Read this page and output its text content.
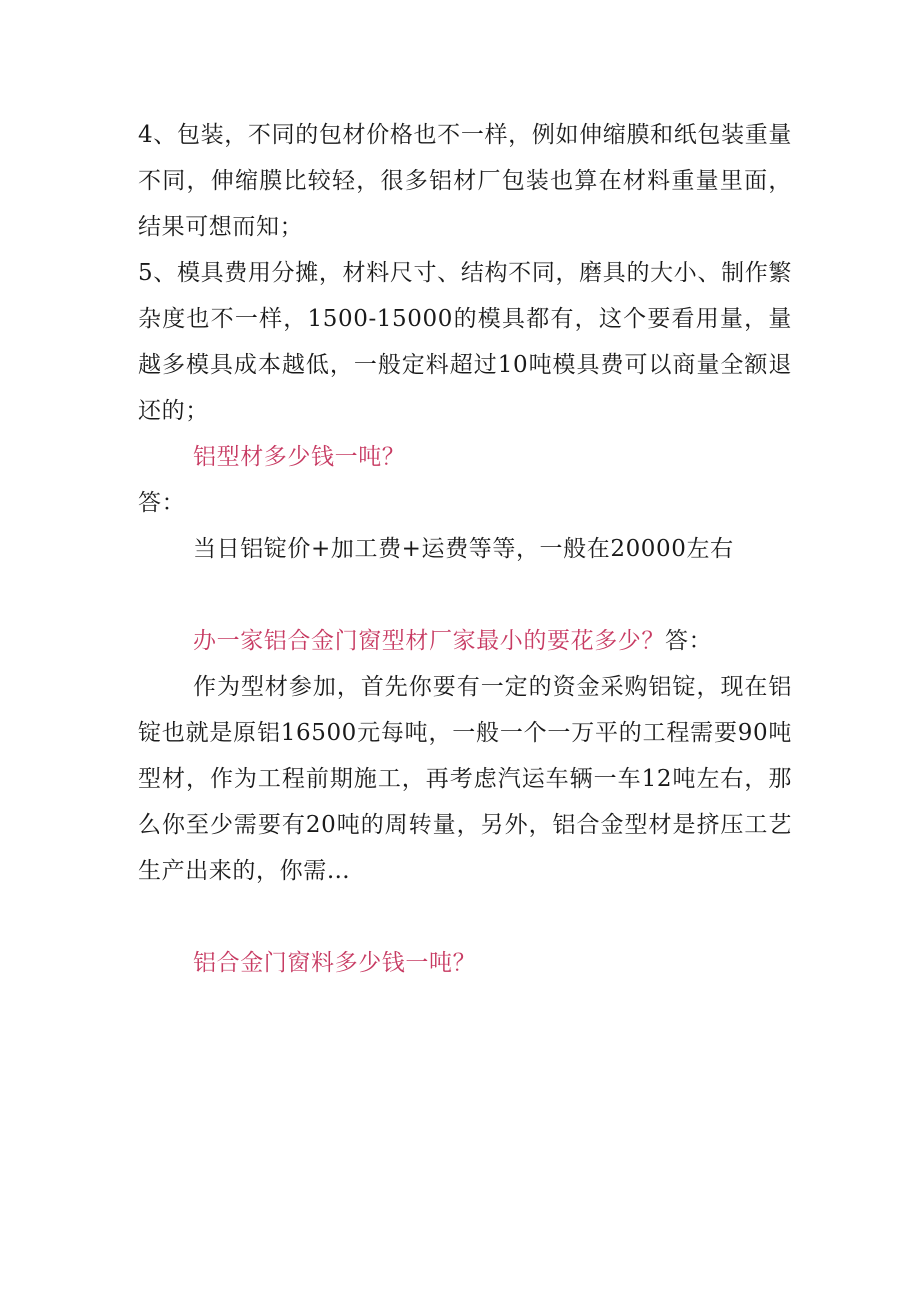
4、包装，不同的包材价格也不一样，例如伸缩膜和纸包装重量不同，伸缩膜比较轻，很多铝材厂包装也算在材料重量里面，结果可想而知；

5、模具费用分摊，材料尺寸、结构不同，磨具的大小、制作繁杂度也不一样，1500-15000的模具都有，这个要看用量，量越多模具成本越低，一般定料超过10吨模具费可以商量全额退还的；

铝型材多少钱一吨？

答：

当日铝锭价+加工费+运费等等，一般在20000左右

办一家铝合金门窗型材厂家最小的要花多少？答：

作为型材参加，首先你要有一定的资金采购铝锭，现在铝锭也就是原铝16500元每吨，一般一个一万平的工程需要90吨型材，作为工程前期施工，再考虑汽运车辆一车12吨左右，那么你至少需要有20吨的周转量，另外，铝合金型材是挤压工艺生产出来的，你需…

铝合金门窗料多少钱一吨？
